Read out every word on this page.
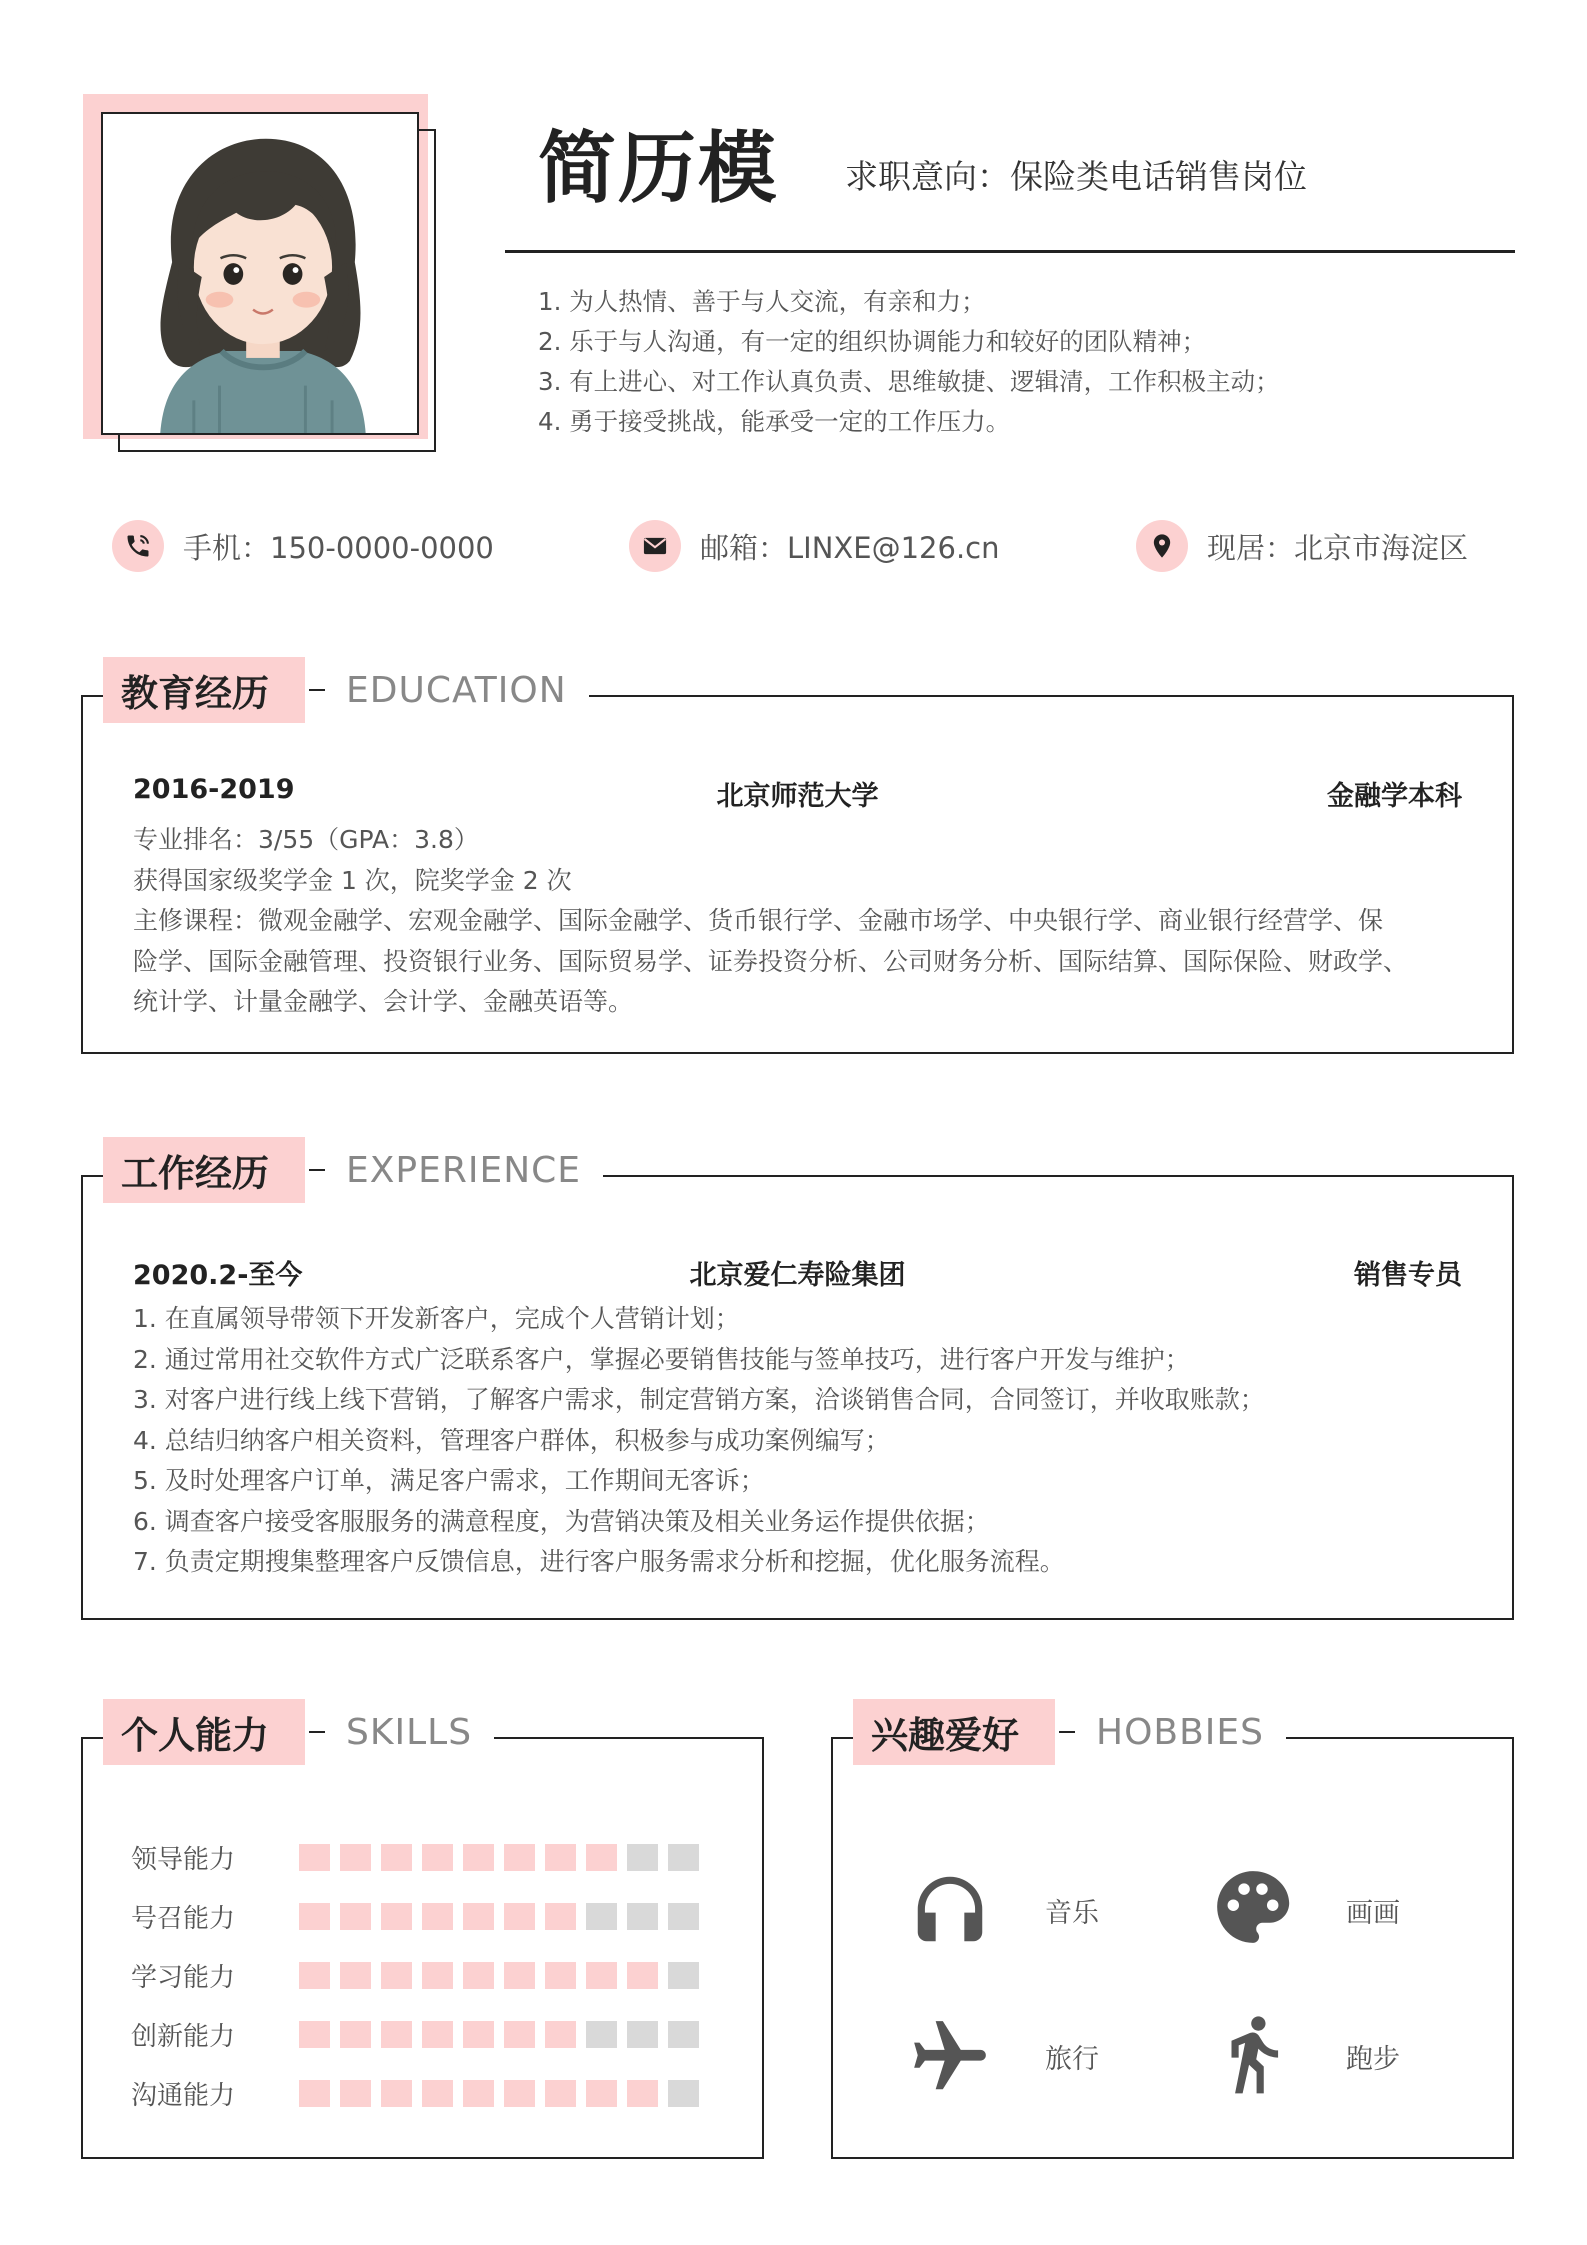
简历模 求职意向：保险类电话销售岗位
1. 为人热情、善于与人交流，有亲和力；
2. 乐于与人沟通，有一定的组织协调能力和较好的团队精神；
3. 有上进心、对工作认真负责、思维敏捷、逻辑清，工作积极主动；
4. 勇于接受挑战，能承受一定的工作压力。
手机：150-0000-0000	邮箱：LINXE@126.cn	现居：北京市海淀区
教育经历	EDUCATION
2016-2019	北京师范大学	金融学本科
专业排名：3/55（GPA：3.8）
获得国家级奖学金 1 次，院奖学金 2 次
主修课程：微观金融学、宏观金融学、国际金融学、货币银行学、金融市场学、中央银行学、商业银行经营学、保
险学、国际金融管理、投资银行业务、国际贸易学、证券投资分析、公司财务分析、国际结算、国际保险、财政学、
统计学、计量金融学、会计学、金融英语等。
工作经历	EXPERIENCE
2020.2-至今	北京爱仁寿险集团	销售专员
1. 在直属领导带领下开发新客户，完成个人营销计划；
2. 通过常用社交软件方式广泛联系客户，掌握必要销售技能与签单技巧，进行客户开发与维护；
3. 对客户进行线上线下营销，了解客户需求，制定营销方案，洽谈销售合同，合同签订，并收取账款；
4. 总结归纳客户相关资料，管理客户群体，积极参与成功案例编写；
5. 及时处理客户订单，满足客户需求，工作期间无客诉；
6. 调查客户接受客服服务的满意程度，为营销决策及相关业务运作提供依据；
7. 负责定期搜集整理客户反馈信息，进行客户服务需求分析和挖掘，优化服务流程。
个人能力	SKILLS
领导能力
号召能力
学习能力
创新能力
沟通能力
兴趣爱好	HOBBIES
音乐	画画
旅行	跑步
